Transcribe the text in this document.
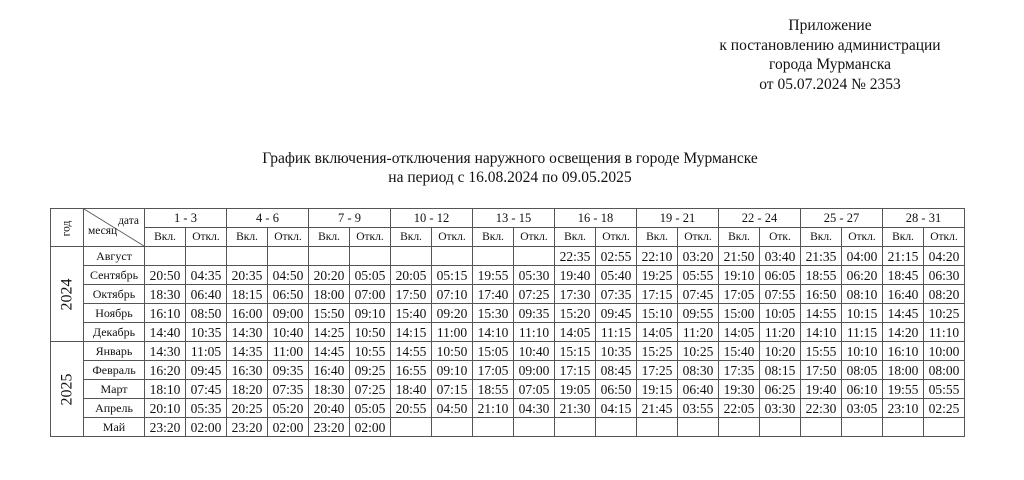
Приложение
к постановлению администрации
города Мурманска
от 05.07.2024 № 2353
График включения-отключения наружного освещения в городе Мурманске
на период с 16.08.2024 по 09.05.2025
год	дата
месяц	1 - 3		4 - 6		7 - 9		10 - 12		13 - 15		16 - 18		19 - 21		22 - 24		25 - 27		28 - 31	
		Вкл.	Откл.	Вкл.	Откл.	Вкл.	Откл.	Вкл.	Откл.	Вкл.	Откл.	Вкл.	Откл.	Вкл.	Откл.	Вкл.	Отк.	Вкл.	Откл.	Вкл.	Откл.
2024	Август											22:35	02:55	22:10	03:20	21:50	03:40	21:35	04:00	21:15	04:20
	Сентябрь	20:50	04:35	20:35	04:50	20:20	05:05	20:05	05:15	19:55	05:30	19:40	05:40	19:25	05:55	19:10	06:05	18:55	06:20	18:45	06:30
	Октябрь	18:30	06:40	18:15	06:50	18:00	07:00	17:50	07:10	17:40	07:25	17:30	07:35	17:15	07:45	17:05	07:55	16:50	08:10	16:40	08:20
	Ноябрь	16:10	08:50	16:00	09:00	15:50	09:10	15:40	09:20	15:30	09:35	15:20	09:45	15:10	09:55	15:00	10:05	14:55	10:15	14:45	10:25
	Декабрь	14:40	10:35	14:30	10:40	14:25	10:50	14:15	11:00	14:10	11:10	14:05	11:15	14:05	11:20	14:05	11:20	14:10	11:15	14:20	11:10
2025	Январь	14:30	11:05	14:35	11:00	14:45	10:55	14:55	10:50	15:05	10:40	15:15	10:35	15:25	10:25	15:40	10:20	15:55	10:10	16:10	10:00
	Февраль	16:20	09:45	16:30	09:35	16:40	09:25	16:55	09:10	17:05	09:00	17:15	08:45	17:25	08:30	17:35	08:15	17:50	08:05	18:00	08:00
	Март	18:10	07:45	18:20	07:35	18:30	07:25	18:40	07:15	18:55	07:05	19:05	06:50	19:15	06:40	19:30	06:25	19:40	06:10	19:55	05:55
	Апрель	20:10	05:35	20:25	05:20	20:40	05:05	20:55	04:50	21:10	04:30	21:30	04:15	21:45	03:55	22:05	03:30	22:30	03:05	23:10	02:25
	Май	23:20	02:00	23:20	02:00	23:20	02:00														
